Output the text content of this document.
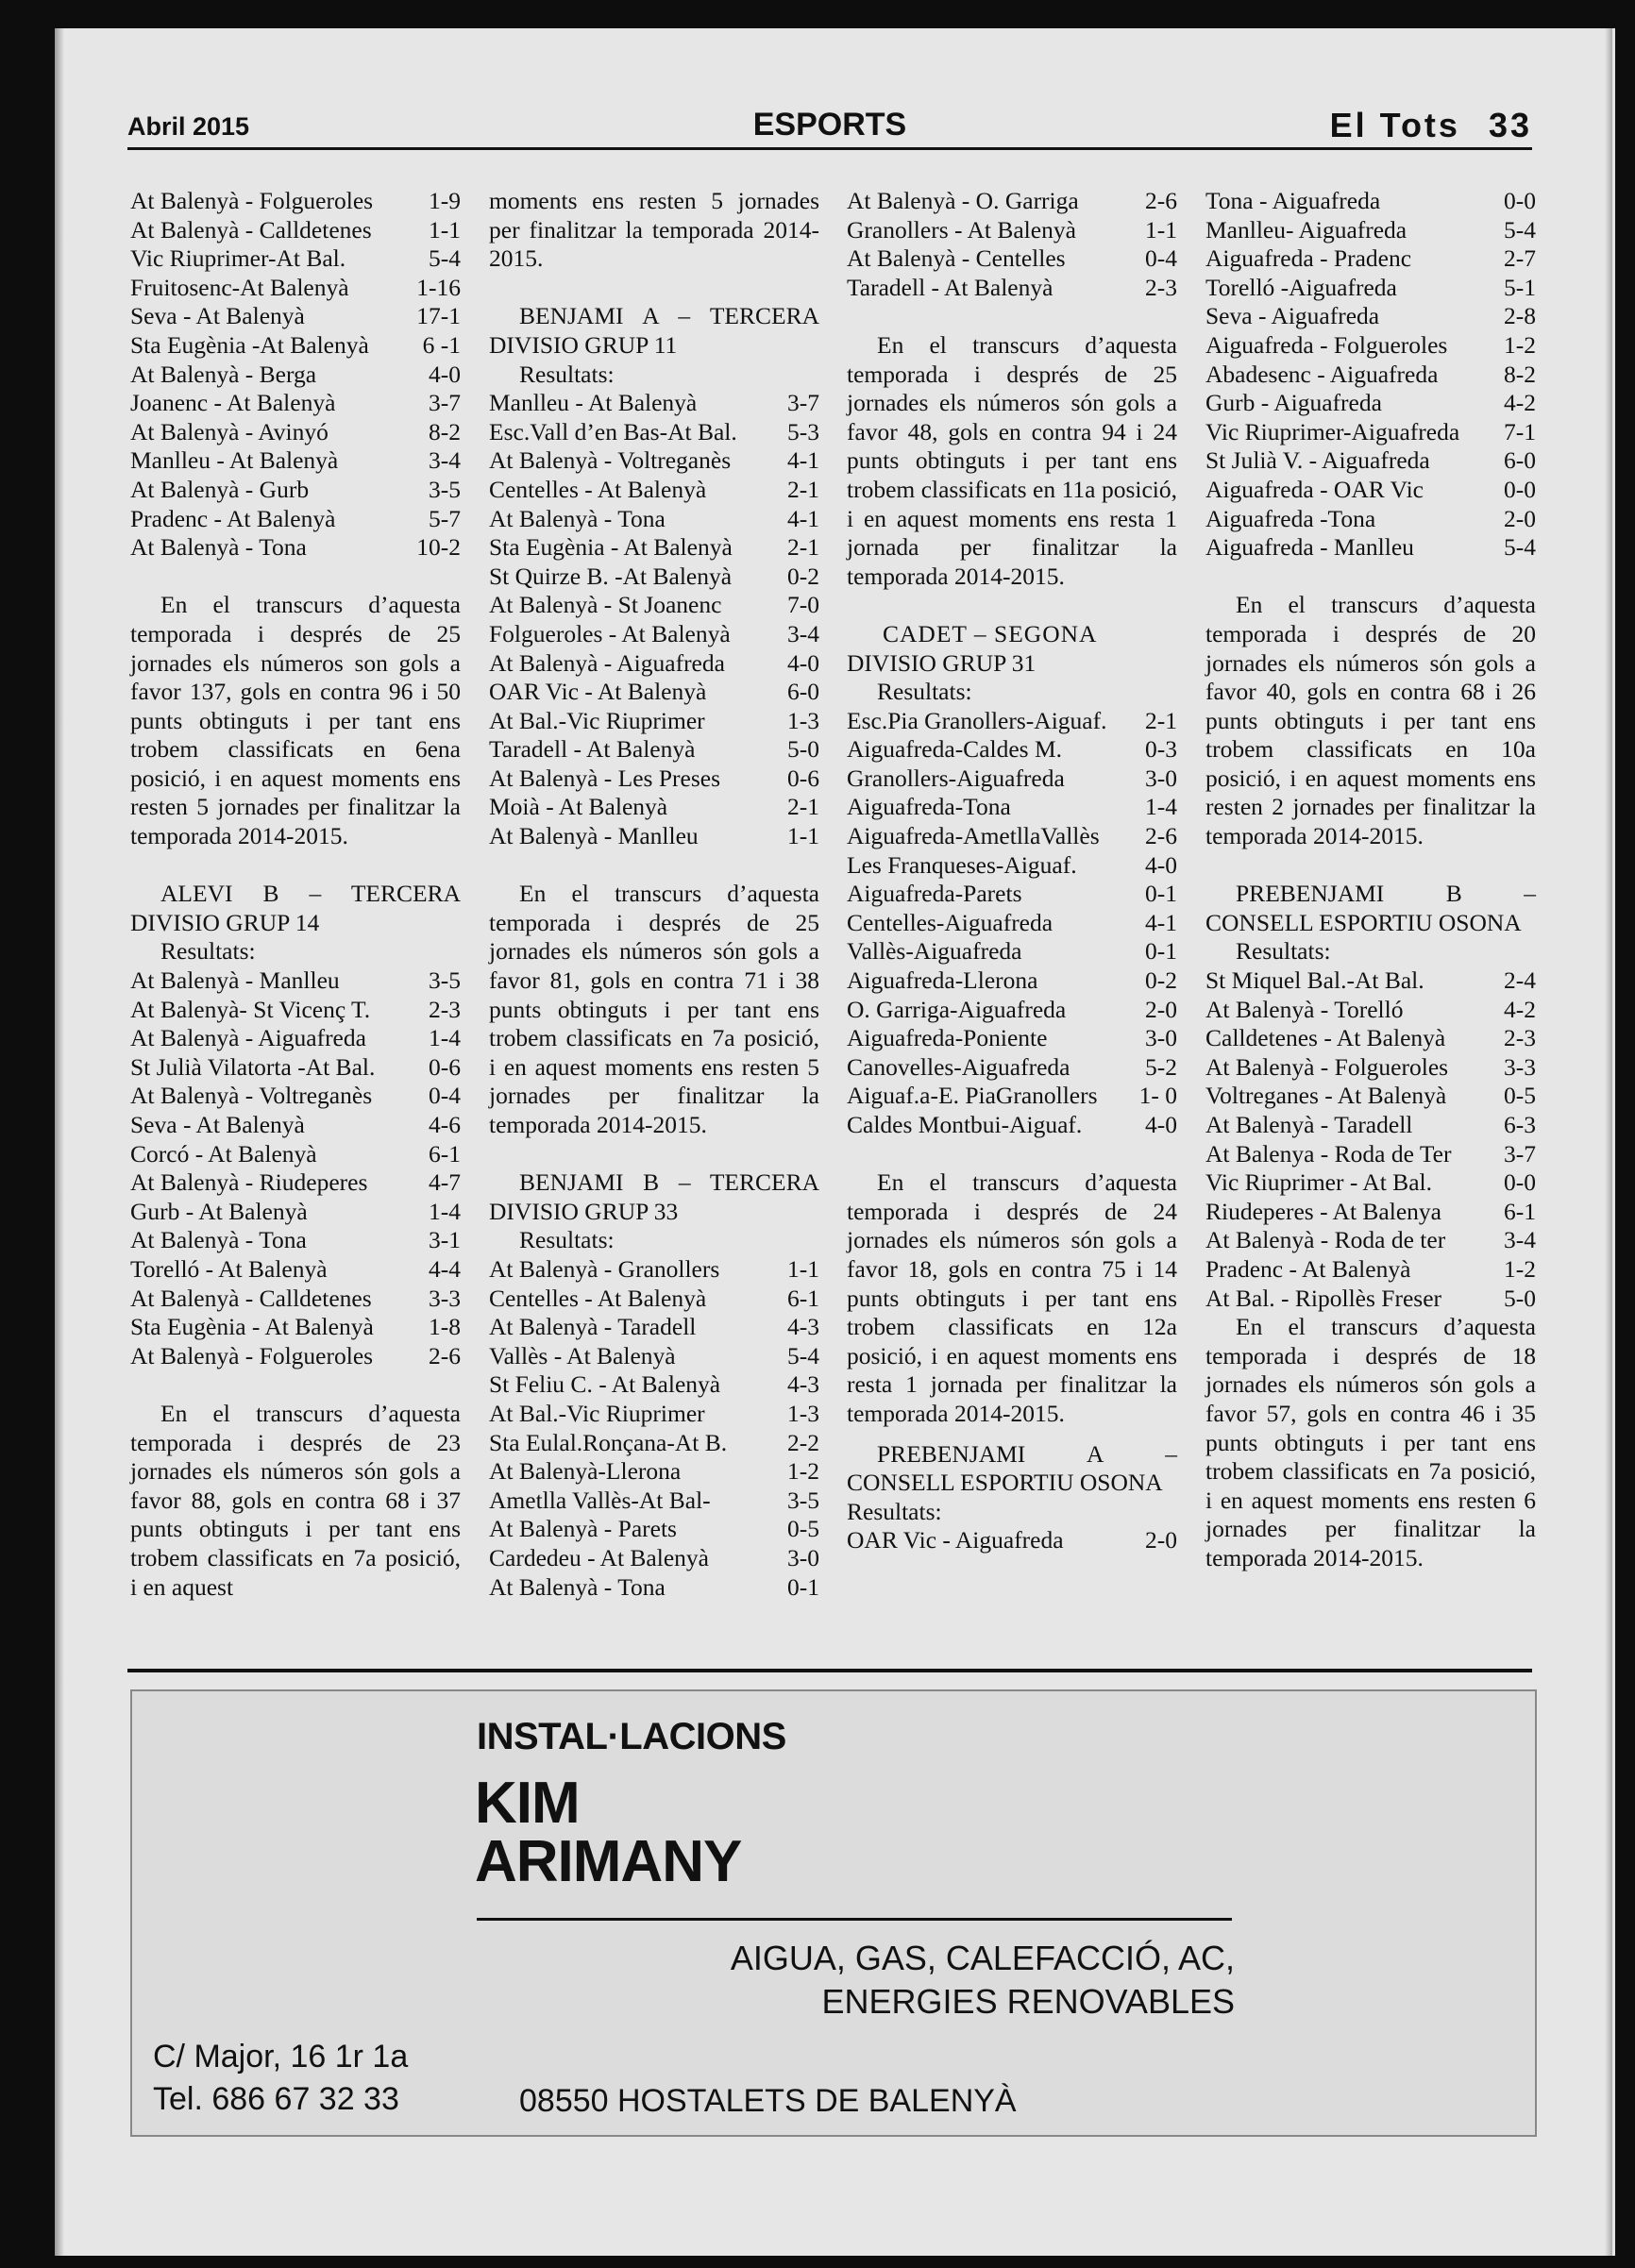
Abril 2015	ESPORTS	El Tots 33
At Balenyà - Folgueroles 1-9
At Balenyà - Calldetenes 1-1
Vic Riuprimer-At Bal.	5-4
Fruitosenc-At Balenyà	1-16
Seva - At Balenyà	17-1
Sta Eugènia -At Balenyà 6 -1
At Balenyà - Berga	4-0
Joanenc - At Balenyà	3-7
At Balenyà - Avinyó	8-2
Manlleu - At Balenyà	3-4
At Balenyà - Gurb	3-5
Pradenc - At Balenyà	5-7
At Balenyà - Tona	10-2
En el transcurs d’aquesta temporada i després de 25 jornades els números son gols a favor 137, gols en contra 96 i 50 punts obtinguts i per tant ens trobem classificats en 6ena posició, i en aquest moments ens resten 5 jornades per finalitzar la temporada 2014-2015.
ALEVI B – TERCERA DIVISIO GRUP 14
Resultats:
At Balenyà - Manlleu	3-5
At Balenyà- St Vicenç T. 2-3
At Balenyà - Aiguafreda	1-4
St Julià Vilatorta -At Bal. 0-6
At Balenyà - Voltreganès 0-4
Seva - At Balenyà	4-6
Corcó - At Balenyà	6-1
At Balenyà - Riudeperes	4-7
Gurb - At Balenyà	1-4
At Balenyà - Tona	3-1
Torelló - At Balenyà	4-4
At Balenyà - Calldetenes 3-3
Sta Eugènia - At Balenyà 1-8
At Balenyà - Folgueroles 2-6
En el transcurs d’aquesta temporada i després de 23 jornades els números són gols a favor 88, gols en contra 68 i 37 punts obtinguts i per tant ens trobem classificats en 7a posició, i en aquest
moments ens resten 5 jornades per finalitzar la temporada 2014-2015.
BENJAMI A – TERCERA DIVISIO GRUP 11
Resultats:
Manlleu - At Balenyà	3-7
Esc.Vall d’en Bas-At Bal. 5-3
At Balenyà - Voltreganès 4-1
Centelles - At Balenyà	2-1
At Balenyà - Tona	4-1
Sta Eugènia - At Balenyà 2-1
St Quirze B. -At Balenyà 0-2
At Balenyà - St Joanenc	7-0
Folgueroles - At Balenyà 3-4
At Balenyà - Aiguafreda	4-0
OAR Vic - At Balenyà	6-0
At Bal.-Vic Riuprimer	1-3
Taradell - At Balenyà	5-0
At Balenyà - Les Preses	0-6
Moià - At Balenyà	2-1
At Balenyà - Manlleu	1-1
En el transcurs d’aquesta temporada i després de 25 jornades els números són gols a favor 81, gols en contra 71 i 38 punts obtinguts i per tant ens trobem classificats en 7a posició, i en aquest moments ens resten 5 jornades per finalitzar la temporada 2014-2015.
BENJAMI B – TERCERA DIVISIO GRUP 33
Resultats:
At Balenyà - Granollers	1-1
Centelles - At Balenyà	6-1
At Balenyà - Taradell	4-3
Vallès - At Balenyà	5-4
St Feliu C. - At Balenyà	4-3
At Bal.-Vic Riuprimer	1-3
Sta Eulal.Ronçana-At B.	2-2
At Balenyà-Llerona	1-2
Ametlla Vallès-At Bal-	3-5
At Balenyà - Parets	0-5
Cardedeu - At Balenyà	3-0
At Balenyà - Tona	0-1
At Balenyà - O. Garriga	2-6
Granollers - At Balenyà	1-1
At Balenyà - Centelles	0-4
Taradell - At Balenyà	2-3
En el transcurs d’aquesta temporada i després de 25 jornades els números són gols a favor 48, gols en contra 94 i 24 punts obtinguts i per tant ens trobem classificats en 11a posició, i en aquest moments ens resta 1 jornada per finalitzar la temporada 2014-2015.
CADET – SEGONA
DIVISIO GRUP 31
Resultats:
Esc.Pia Granollers-Aiguaf. 2-1
Aiguafreda-Caldes M.	0-3
Granollers-Aiguafreda	3-0
Aiguafreda-Tona	1-4
Aiguafreda-AmetllaVallès 2-6
Les Franqueses-Aiguaf.	4-0
Aiguafreda-Parets	0-1
Centelles-Aiguafreda	4-1
Vallès-Aiguafreda	0-1
Aiguafreda-Llerona	0-2
O. Garriga-Aiguafreda	2-0
Aiguafreda-Poniente	3-0
Canovelles-Aiguafreda	5-2
Aiguaf.a-E. PiaGranollers 1- 0
Caldes Montbui-Aiguaf.	4-0
En el transcurs d’aquesta temporada i després de 24 jornades els números són gols a favor 18, gols en contra 75 i 14 punts obtinguts i per tant ens trobem classificats en 12a posició, i en aquest moments ens resta 1 jornada per finalitzar la temporada 2014-2015.
PREBENJAMI A – CONSELL ESPORTIU OSONA
Resultats:
OAR Vic - Aiguafreda	2-0
Tona - Aiguafreda	0-0
Manlleu- Aiguafreda	5-4
Aiguafreda - Pradenc	2-7
Torelló -Aiguafreda	5-1
Seva - Aiguafreda	2-8
Aiguafreda - Folgueroles 1-2
Abadesenc - Aiguafreda	8-2
Gurb - Aiguafreda	4-2
Vic Riuprimer-Aiguafreda 7-1
St Julià V. - Aiguafreda	6-0
Aiguafreda - OAR Vic	0-0
Aiguafreda -Tona	2-0
Aiguafreda - Manlleu	5-4
En el transcurs d’aquesta temporada i després de 20 jornades els números són gols a favor 40, gols en contra 68 i 26 punts obtinguts i per tant ens trobem classificats en 10a posició, i en aquest moments ens resten 2 jornades per finalitzar la temporada 2014-2015.
PREBENJAMI B – CONSELL ESPORTIU OSONA
Resultats:
St Miquel Bal.-At Bal.	2-4
At Balenyà - Torelló	4-2
Calldetenes - At Balenyà 2-3
At Balenyà - Folgueroles 3-3
Voltreganes - At Balenyà 0-5
At Balenyà - Taradell	6-3
At Balenya - Roda de Ter 3-7
Vic Riuprimer - At Bal.	0-0
Riudeperes - At Balenya	6-1
At Balenyà - Roda de ter 3-4
Pradenc - At Balenyà	1-2
At Bal. - Ripollès Freser	5-0
En el transcurs d’aquesta temporada i després de 18 jornades els números són gols a favor 57, gols en contra 46 i 35 punts obtinguts i per tant ens trobem classificats en 7a posició, i en aquest moments ens resten 6 jornades per finalitzar la temporada 2014-2015.
INSTAL·LACIONS
KIM
ARIMANY
AIGUA, GAS, CALEFACCIÓ, AC,
ENERGIES RENOVABLES
C/ Major, 16 1r 1a
Tel. 686 67 32 33	08550 HOSTALETS DE BALENYÀ
